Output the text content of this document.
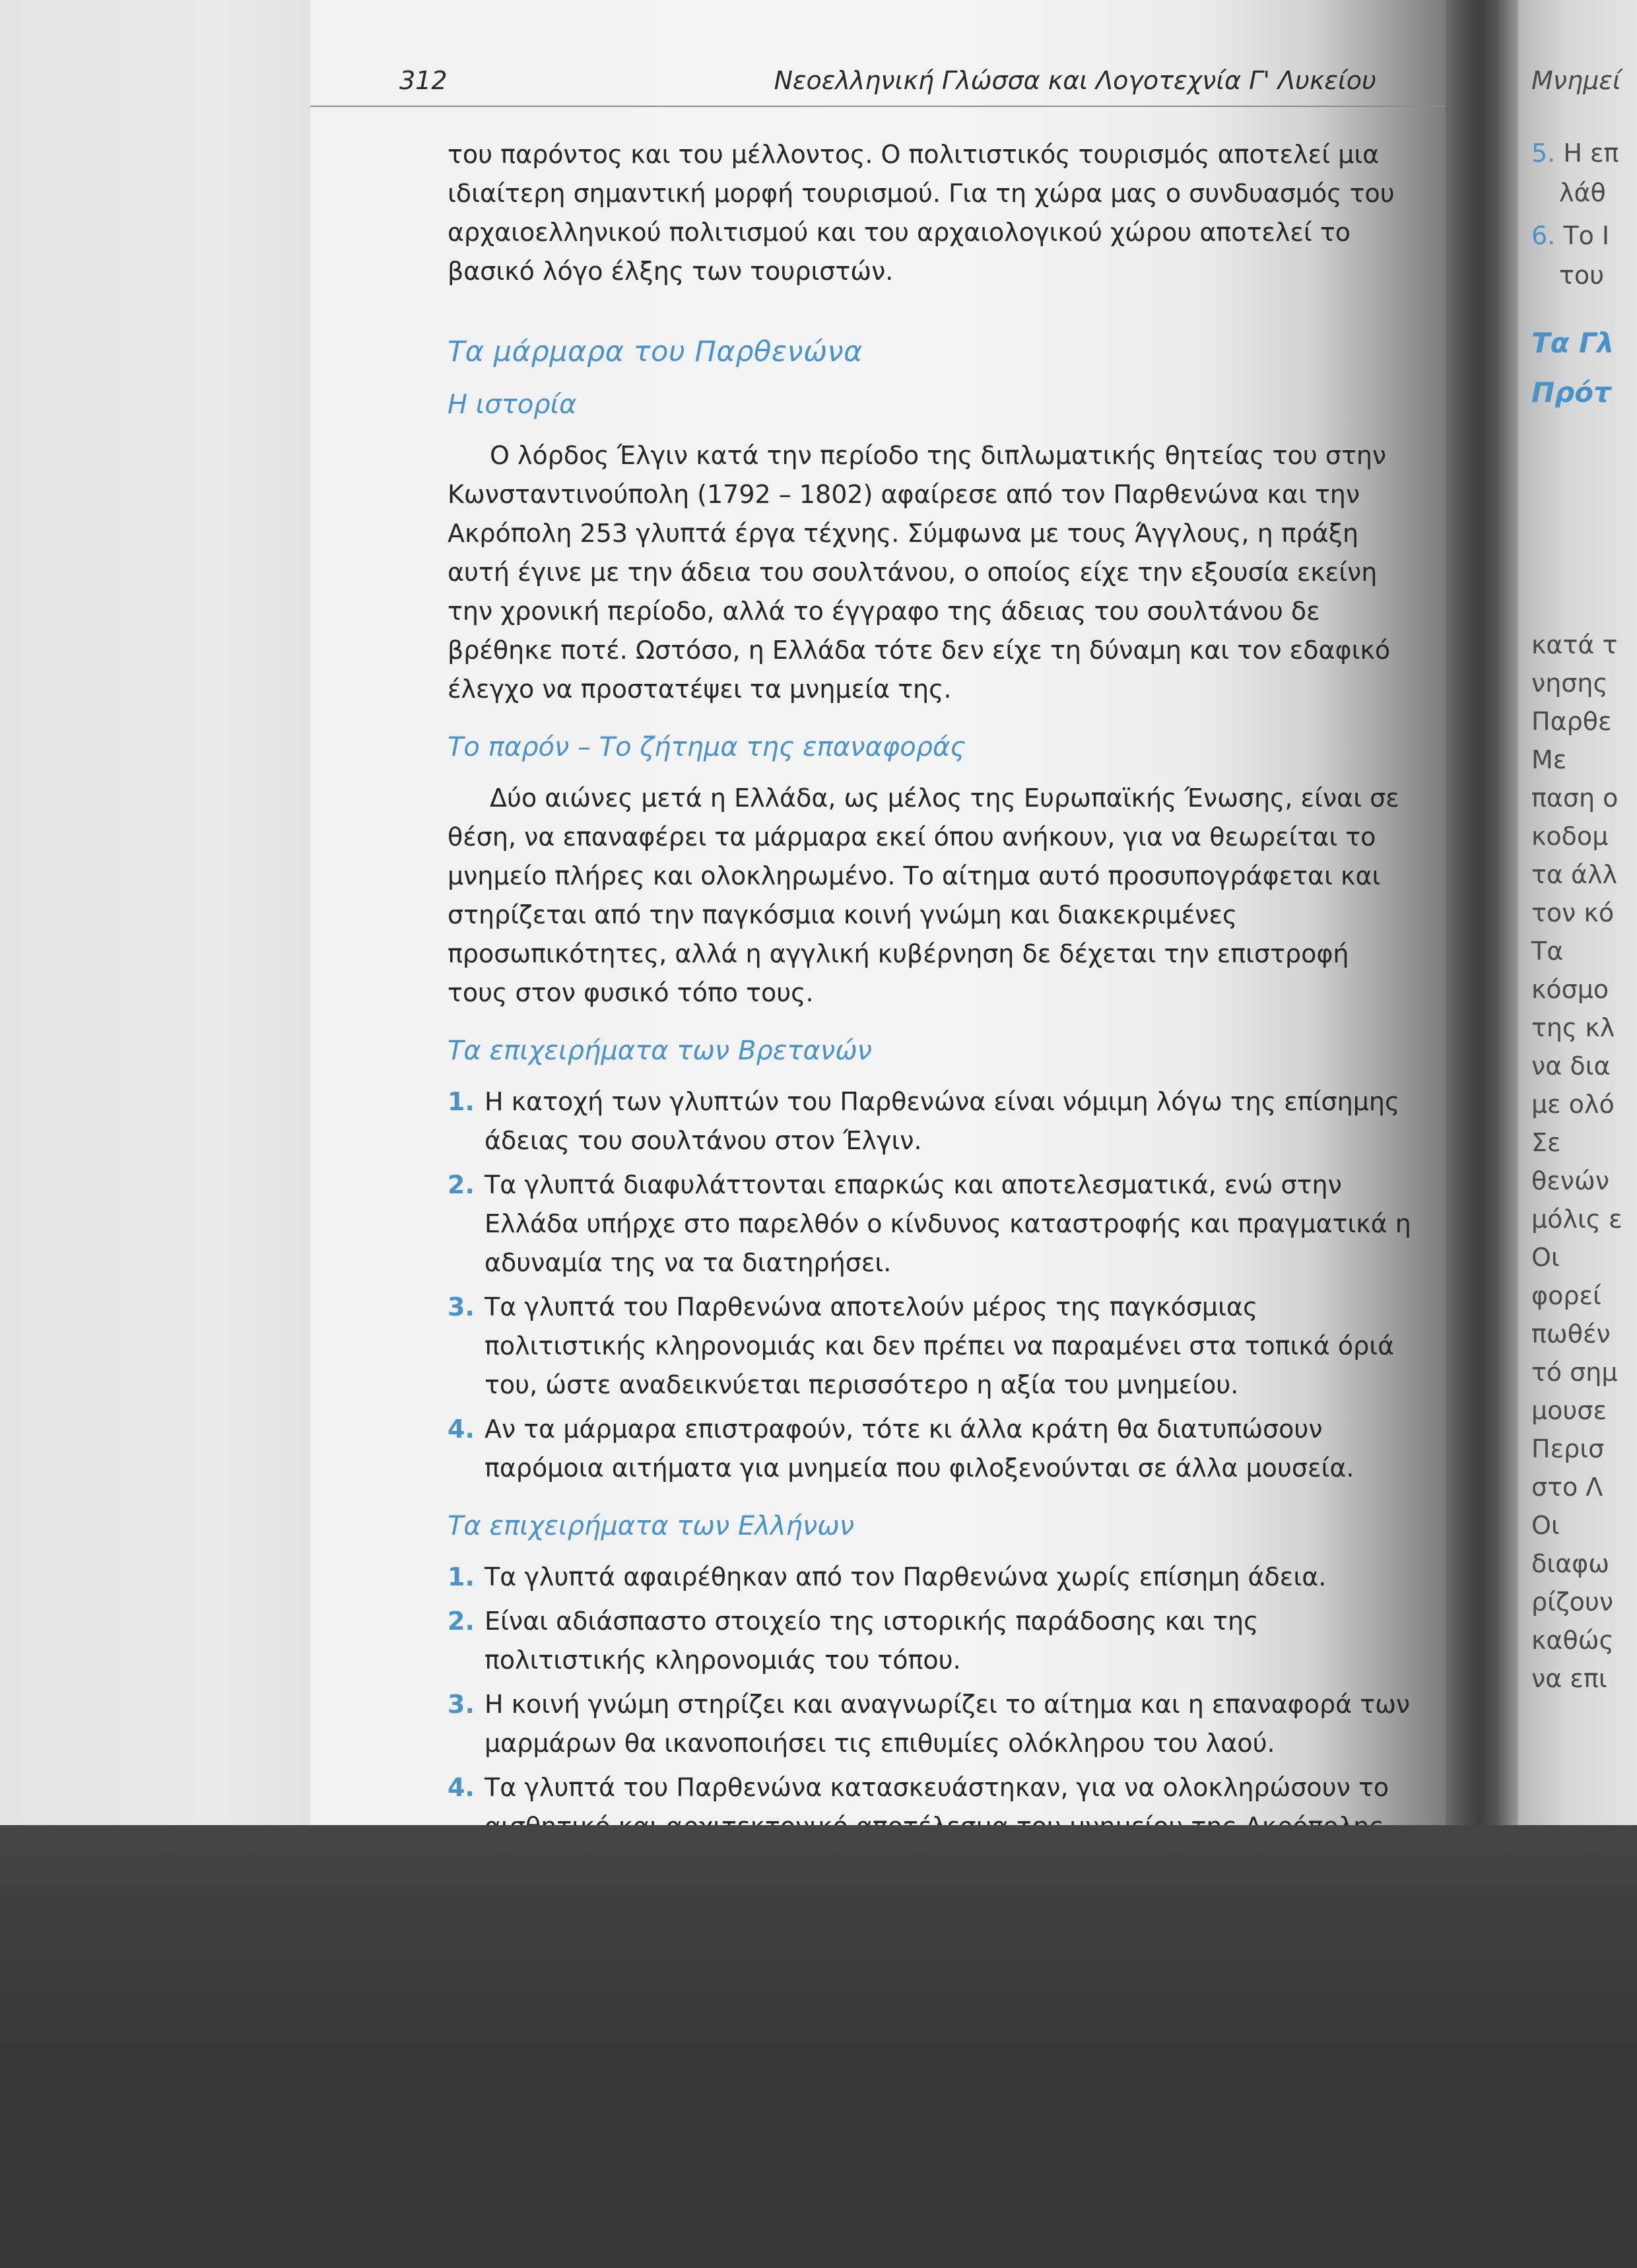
312	Νεοελληνική Γλώσσα και Λογοτεχνία Γ' Λυκείου

του παρόντος και του μέλλοντος. Ο πολιτιστικός τουρισμός αποτελεί μια ιδιαίτερη σημαντική μορφή τουρισμού. Για τη χώρα μας ο συνδυασμός του αρχαιοελληνικού πολιτισμού και του αρχαιολογικού χώρου αποτελεί το βασικό λόγο έλξης των τουριστών.

Τα μάρμαρα του Παρθενώνα
Η ιστορία

Ο λόρδος Έλγιν κατά την περίοδο της διπλωματικής θητείας του στην Κωνσταντινούπολη (1792 – 1802) αφαίρεσε από τον Παρθενώνα και την Ακρόπολη 253 γλυπτά έργα τέχνης. Σύμφωνα με τους Άγγλους, η πράξη αυτή έγινε με την άδεια του σουλτάνου, ο οποίος είχε την εξουσία εκείνη την χρονική περίοδο, αλλά το έγγραφο της άδειας του σουλτάνου δε βρέθηκε ποτέ. Ωστόσο, η Ελλάδα τότε δεν είχε τη δύναμη και τον εδαφικό έλεγχο να προστατέψει τα μνημεία της.

Το παρόν – Το ζήτημα της επαναφοράς

Δύο αιώνες μετά η Ελλάδα, ως μέλος της Ευρωπαϊκής Ένωσης, είναι σε θέση, να επαναφέρει τα μάρμαρα εκεί όπου ανήκουν, για να θεωρείται το μνημείο πλήρες και ολοκληρωμένο. Το αίτημα αυτό προσυπογράφεται και στηρίζεται από την παγκόσμια κοινή γνώμη και διακεκριμένες προσωπικότητες, αλλά η αγγλική κυβέρνηση δε δέχεται την επιστροφή τους στον φυσικό τόπο τους.

Τα επιχειρήματα των Βρετανών
1. Η κατοχή των γλυπτών του Παρθενώνα είναι νόμιμη λόγω της επίσημης άδειας του σουλτάνου στον Έλγιν.
2. Τα γλυπτά διαφυλάττονται επαρκώς και αποτελεσματικά, ενώ στην Ελλάδα υπήρχε στο παρελθόν ο κίνδυνος καταστροφής και πραγματικά η αδυναμία της να τα διατηρήσει.
3. Τα γλυπτά του Παρθενώνα αποτελούν μέρος της παγκόσμιας πολιτιστικής κληρονομιάς και δεν πρέπει να παραμένει στα τοπικά όριά του, ώστε αναδεικνύεται περισσότερο η αξία του μνημείου.
4. Αν τα μάρμαρα επιστραφούν, τότε κι άλλα κράτη θα διατυπώσουν παρόμοια αιτήματα για μνημεία που φιλοξενούνται σε άλλα μουσεία.
Τα επιχειρήματα των Ελλήνων
1. Τα γλυπτά αφαιρέθηκαν από τον Παρθενώνα χωρίς επίσημη άδεια.
2. Είναι αδιάσπαστο στοιχείο της ιστορικής παράδοσης και της πολιτιστικής κληρονομιάς του τόπου.
3. Η κοινή γνώμη στηρίζει και αναγνωρίζει το αίτημα και η επαναφορά των μαρμάρων θα ικανοποιήσει τις επιθυμίες ολόκληρου του λαού.
4. Τα γλυπτά του Παρθενώνα κατασκευάστηκαν, για να ολοκληρώσουν το
Μνημεί
5. Η επ
λάθ
6. Το Ι
του
Τα Γλ
Πρότ
κατά τ
νησης
Παρθε
Με
παση ο
κοδομ
τα άλλ
τον κό
Τα
κόσμο
της κλ
να δια
με ολό
Σε
θενών
μόλις ε
Οι
φορεί
πωθέν
τό σημ
μουσε
Περισ
στο Λ
Οι
διαφω
ρίζουν
καθώς
να επι
